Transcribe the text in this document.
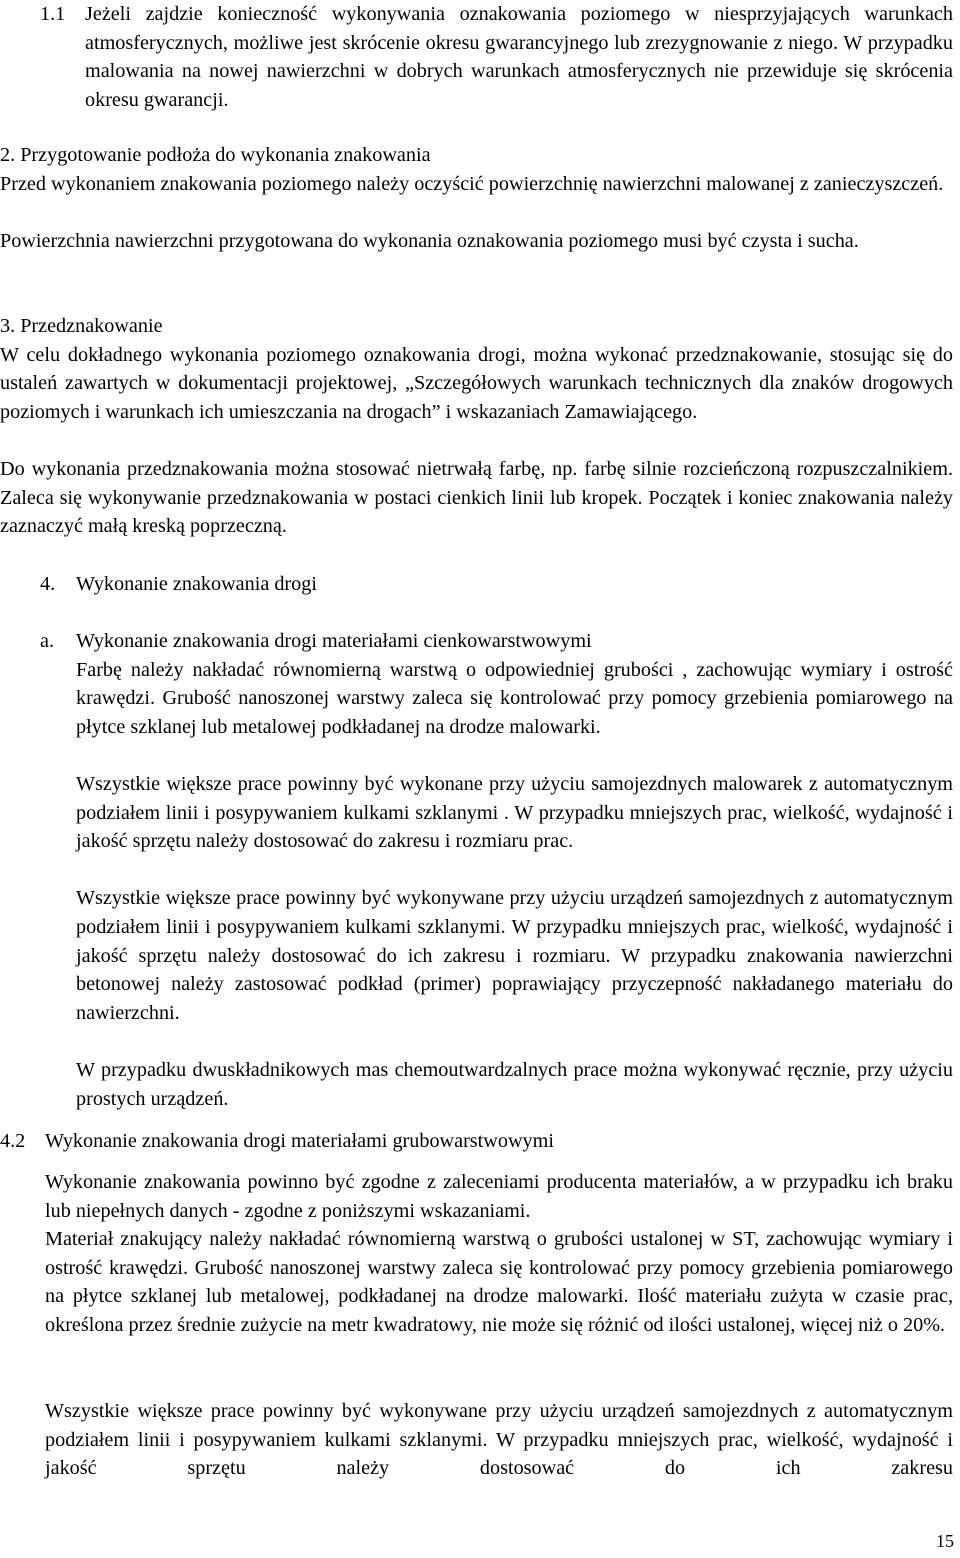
1.1 Jeżeli zajdzie konieczność wykonywania oznakowania poziomego w niesprzyjających warunkach atmosferycznych, możliwe jest skrócenie okresu gwarancyjnego lub zrezygnowanie z niego. W przypadku malowania na nowej nawierzchni w dobrych warunkach atmosferycznych nie przewiduje się skrócenia okresu gwarancji.

2. Przygotowanie podłoża do wykonania znakowania

Przed wykonaniem znakowania poziomego należy oczyścić powierzchnię nawierzchni malowanej z zanieczyszczeń.

Powierzchnia nawierzchni przygotowana do wykonania oznakowania poziomego musi być czysta i sucha.

3. Przedznakowanie

W celu dokładnego wykonania poziomego oznakowania drogi, można wykonać przedznakowanie, stosując się do ustaleń zawartych w dokumentacji projektowej, „Szczegółowych warunkach technicznych dla znaków drogowych poziomych i warunkach ich umieszczania na drogach” i wskazaniach Zamawiającego.

Do wykonania przedznakowania można stosować nietrwałą farbę, np. farbę silnie rozcieńczoną rozpuszczalnikiem. Zaleca się wykonywanie przedznakowania w postaci cienkich linii lub kropek. Początek i koniec znakowania należy zaznaczyć małą kreską poprzeczną.

4. Wykonanie znakowania drogi
a. Wykonanie znakowania drogi materiałami cienkowarstwowymi

Farbę należy nakładać równomierną warstwą o odpowiedniej grubości , zachowując wymiary i ostrość krawędzi. Grubość nanoszonej warstwy zaleca się kontrolować przy pomocy grzebienia pomiarowego na płytce szklanej lub metalowej podkładanej na drodze malowarki.

Wszystkie większe prace powinny być wykonane przy użyciu samojezdnych malowarek z automatycznym podziałem linii i posypywaniem kulkami szklanymi . W przypadku mniejszych prac, wielkość, wydajność i jakość sprzętu należy dostosować do zakresu i rozmiaru prac.

Wszystkie większe prace powinny być wykonywane przy użyciu urządzeń samojezdnych z automatycznym podziałem linii i posypywaniem kulkami szklanymi. W przypadku mniejszych prac, wielkość, wydajność i jakość sprzętu należy dostosować do ich zakresu i rozmiaru. W przypadku znakowania nawierzchni betonowej należy zastosować podkład (primer) poprawiający przyczepność nakładanego materiału do nawierzchni.

W przypadku dwuskładnikowych mas chemoutwardzalnych prace można wykonywać ręcznie, przy użyciu prostych urządzeń.

4.2 Wykonanie znakowania drogi materiałami grubowarstwowymi

Wykonanie znakowania powinno być zgodne z zaleceniami producenta materiałów, a w przypadku ich braku lub niepełnych danych - zgodne z poniższymi wskazaniami.

Materiał znakujący należy nakładać równomierną warstwą o grubości ustalonej w ST, zachowując wymiary i ostrość krawędzi. Grubość nanoszonej warstwy zaleca się kontrolować przy pomocy grzebienia pomiarowego na płytce szklanej lub metalowej, podkładanej na drodze malowarki. Ilość materiału zużyta w czasie prac, określona przez średnie zużycie na metr kwadratowy, nie może się różnić od ilości ustalonej, więcej niż o 20%.

Wszystkie większe prace powinny być wykonywane przy użyciu urządzeń samojezdnych z automatycznym podziałem linii i posypywaniem kulkami szklanymi. W przypadku mniejszych prac, wielkość, wydajność i jakość sprzętu należy dostosować do ich zakresu

15
